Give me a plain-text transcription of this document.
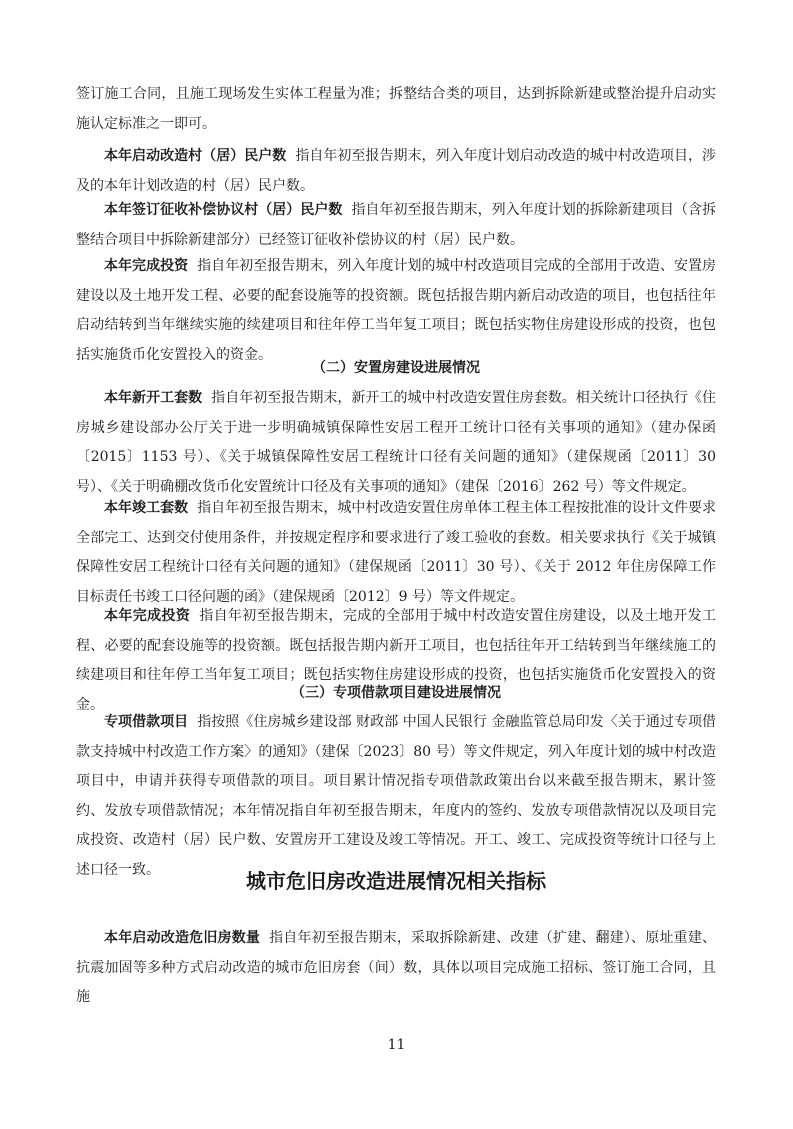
签订施工合同，且施工现场发生实体工程量为准；拆整结合类的项目，达到拆除新建或整治提升启动实施认定标准之一即可。

本年启动改造村（居）民户数 指自年初至报告期末，列入年度计划启动改造的城中村改造项目，涉及的本年计划改造的村（居）民户数。

本年签订征收补偿协议村（居）民户数 指自年初至报告期末，列入年度计划的拆除新建项目（含拆整结合项目中拆除新建部分）已经签订征收补偿协议的村（居）民户数。

本年完成投资 指自年初至报告期末，列入年度计划的城中村改造项目完成的全部用于改造、安置房建设以及土地开发工程、必要的配套设施等的投资额。既包括报告期内新启动改造的项目，也包括往年启动结转到当年继续实施的续建项目和往年停工当年复工项目；既包括实物住房建设形成的投资，也包括实施货币化安置投入的资金。

（二）安置房建设进展情况

本年新开工套数 指自年初至报告期末，新开工的城中村改造安置住房套数。相关统计口径执行《住房城乡建设部办公厅关于进一步明确城镇保障性安居工程开工统计口径有关事项的通知》（建办保函〔2015〕1153 号）、《关于城镇保障性安居工程统计口径有关问题的通知》（建保规函〔2011〕30 号）、《关于明确棚改货币化安置统计口径及有关事项的通知》（建保〔2016〕262 号）等文件规定。

本年竣工套数 指自年初至报告期末，城中村改造安置住房单体工程主体工程按批准的设计文件要求全部完工、达到交付使用条件，并按规定程序和要求进行了竣工验收的套数。相关要求执行《关于城镇保障性安居工程统计口径有关问题的通知》（建保规函〔2011〕30 号）、《关于 2012 年住房保障工作目标责任书竣工口径问题的函》（建保规函〔2012〕9 号）等文件规定。

本年完成投资 指自年初至报告期末，完成的全部用于城中村改造安置住房建设，以及土地开发工程、必要的配套设施等的投资额。既包括报告期内新开工项目，也包括往年开工结转到当年继续施工的续建项目和往年停工当年复工项目；既包括实物住房建设形成的投资，也包括实施货币化安置投入的资金。

（三）专项借款项目建设进展情况

专项借款项目 指按照《住房城乡建设部 财政部 中国人民银行 金融监管总局印发〈关于通过专项借款支持城中村改造工作方案〉的通知》（建保〔2023〕80 号）等文件规定，列入年度计划的城中村改造项目中，申请并获得专项借款的项目。项目累计情况指专项借款政策出台以来截至报告期末，累计签约、发放专项借款情况；本年情况指自年初至报告期末，年度内的签约、发放专项借款情况以及项目完成投资、改造村（居）民户数、安置房开工建设及竣工等情况。开工、竣工、完成投资等统计口径与上述口径一致。	城市危旧房改造进展情况相关指标

本年启动改造危旧房数量 指自年初至报告期末，采取拆除新建、改建（扩建、翻建）、原址重建、抗震加固等多种方式启动改造的城市危旧房套（间）数，具体以项目完成施工招标、签订施工合同，且施

11
